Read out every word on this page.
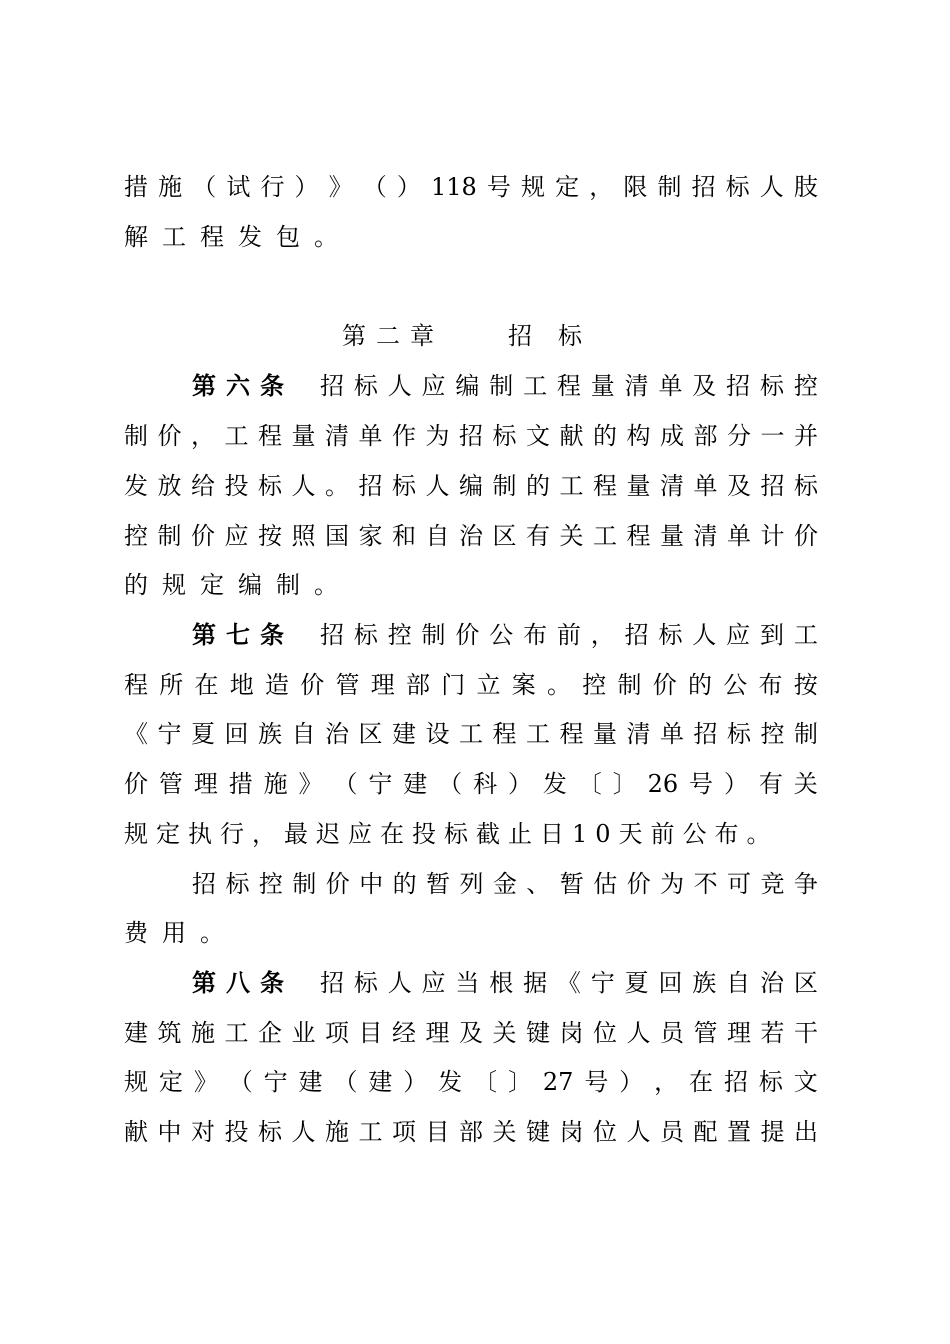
措 施 （ 试 行 ） 》 （ ） 118 号 规 定 ， 限 制 招 标 人 肢
解工程发包。
第二章	招标
第六条 招 标 人 应 编 制 工 程 量 清 单 及 招 标 控
制 价 ， 工 程 量 清 单 作 为 招 标 文 献 的 构 成 部 分 一 并
发 放 给 投 标 人 。 招 标 人 编 制 的 工 程 量 清 单 及 招 标
控 制 价 应 按 照 国 家 和 自 治 区 有 关 工 程 量 清 单 计 价
的规定编制。
第七条 招 标 控 制 价 公 布 前 ， 招 标 人 应 到 工
程 所 在 地 造 价 管 理 部 门 立 案 。 控 制 价 的 公 布 按
《 宁 夏 回 族 自 治 区 建 设 工 程 工 程 量 清 单 招 标 控 制
价 管 理 措 施 》 （ 宁 建 （ 科 ） 发 〔 〕 26 号 ） 有 关
规定执行，最迟应在投标截止日10天前公布。
招 标 控 制 价 中 的 暂 列 金 、 暂 估 价 为 不 可 竞 争
费用。
第八条 招 标 人 应 当 根 据 《 宁 夏 回 族 自 治 区
建 筑 施 工 企 业 项 目 经 理 及 关 键 岗 位 人 员 管 理 若 干
规 定 》 （ 宁 建 （ 建 ） 发 〔 〕 27 号 ） ， 在 招 标 文
献 中 对 投 标 人 施 工 项 目 部 关 键 岗 位 人 员 配 置 提 出
